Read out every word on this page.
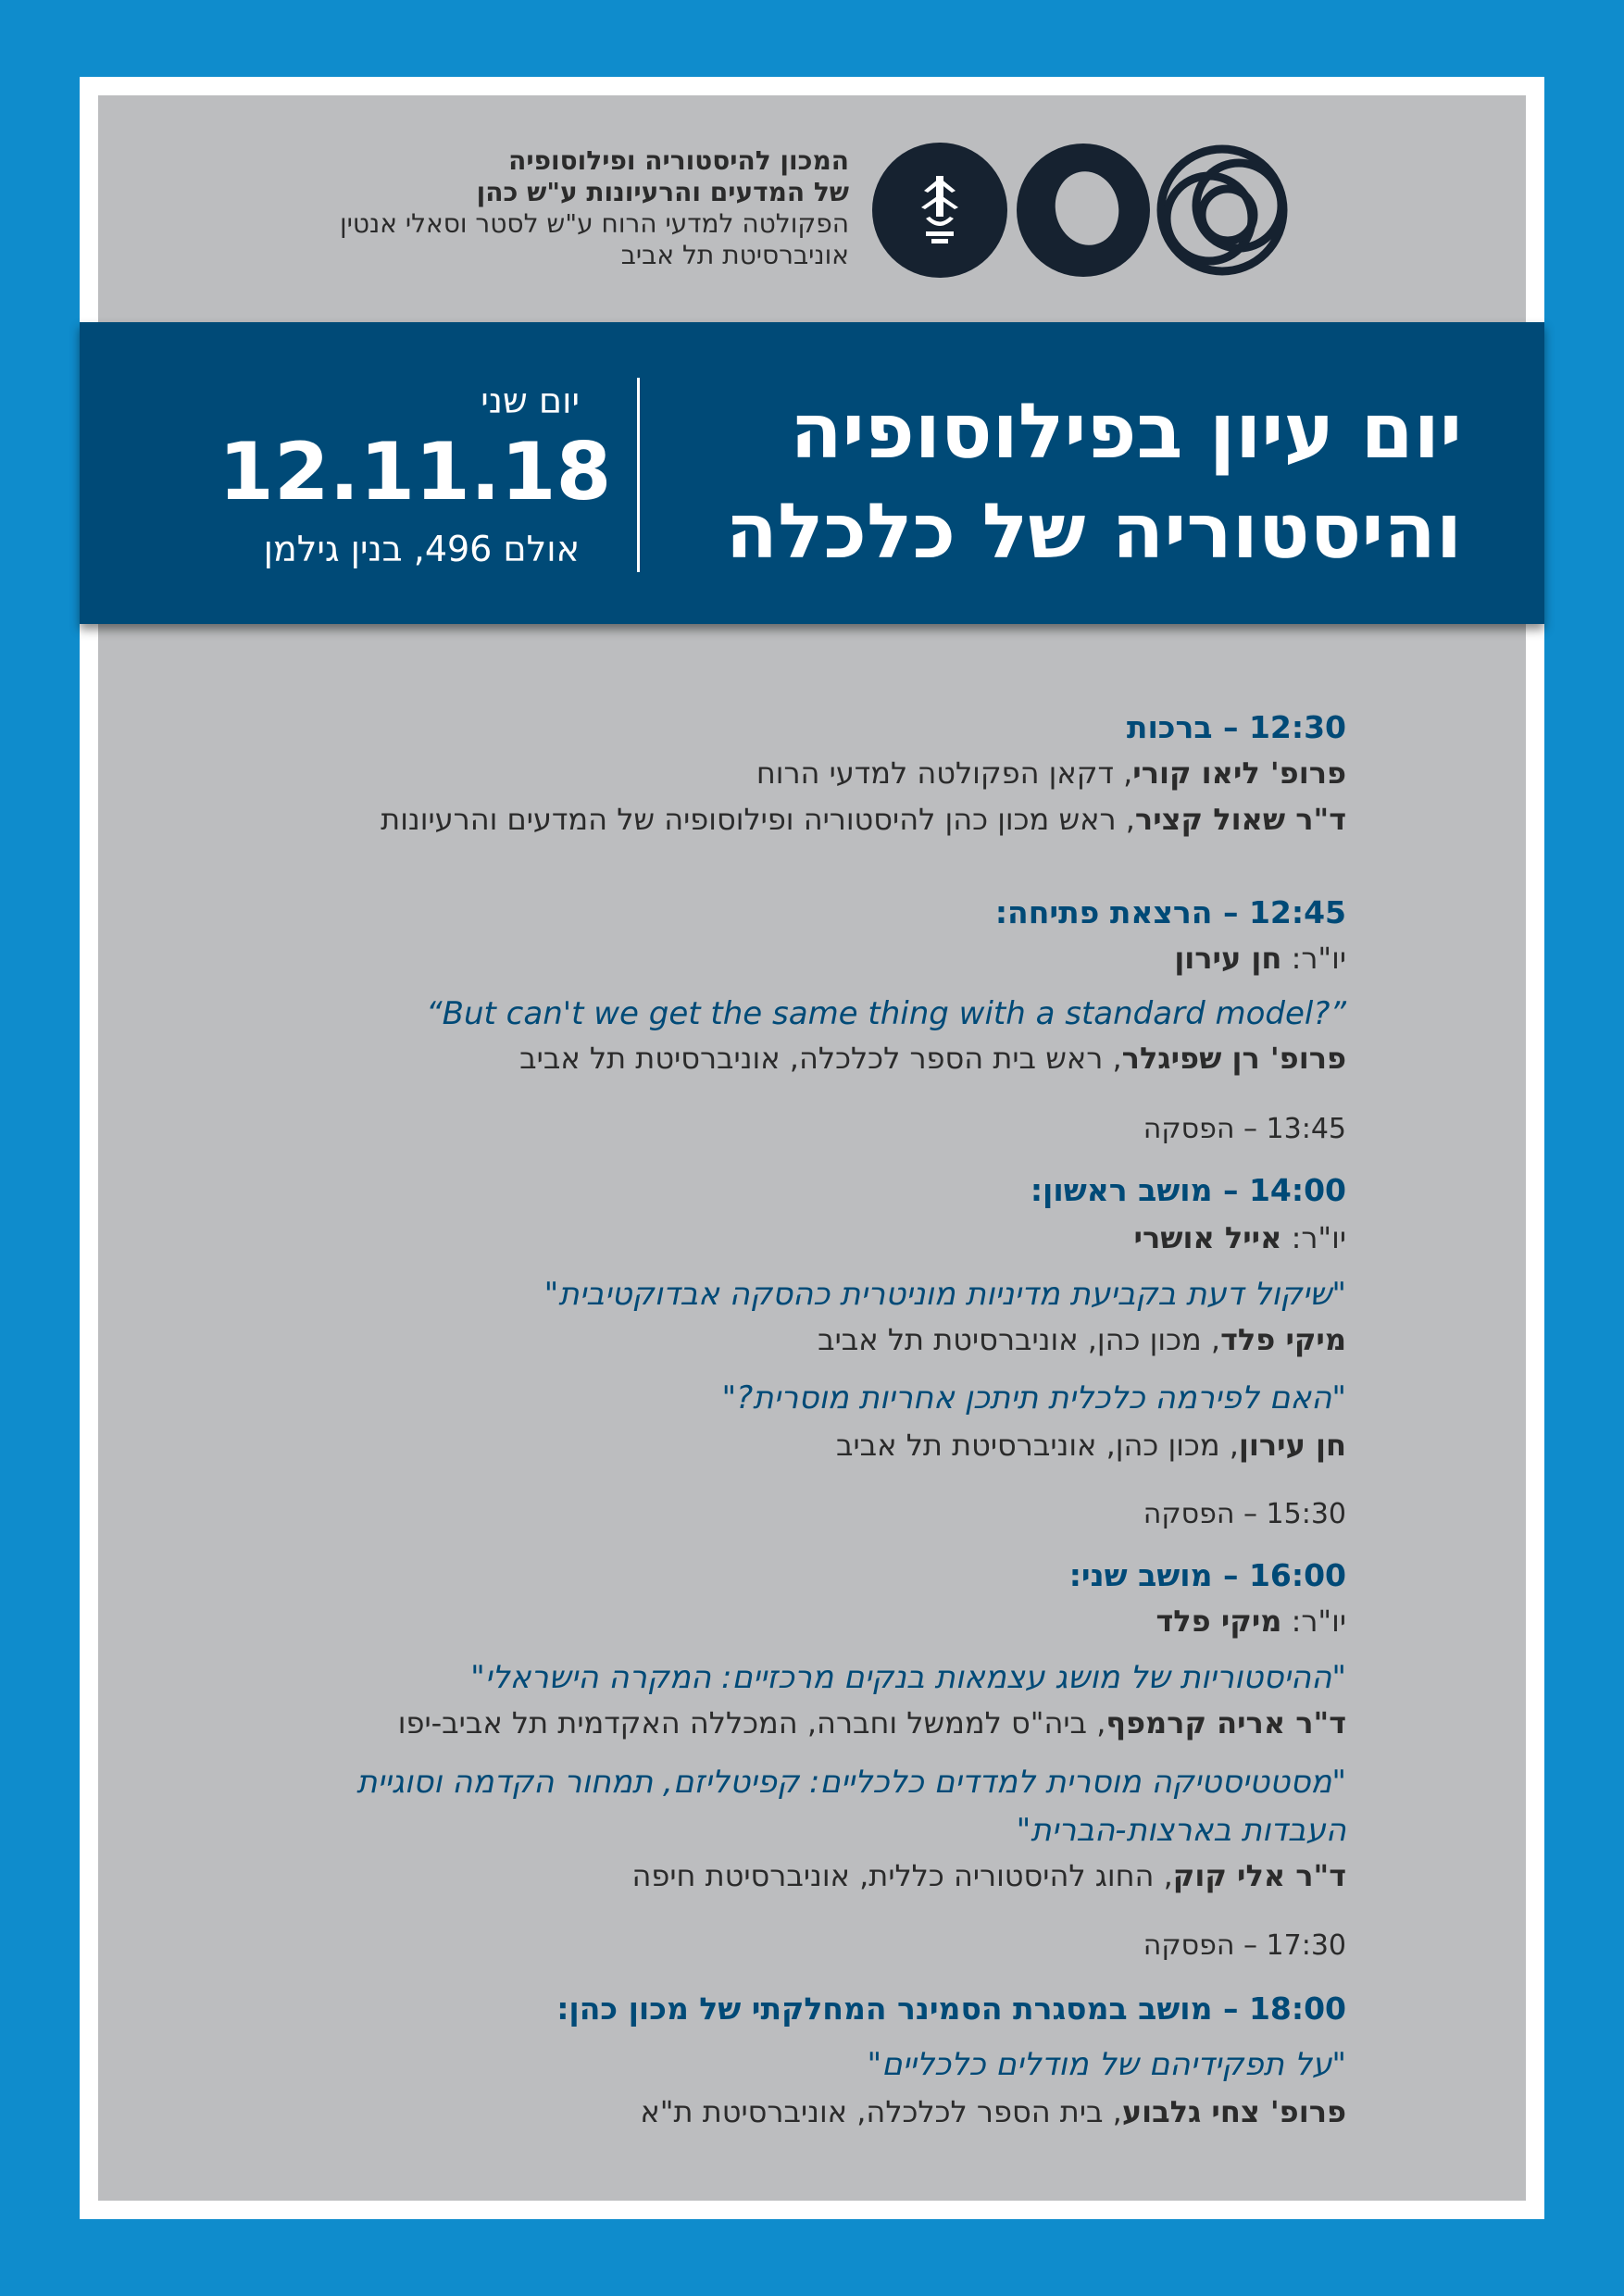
המכון להיסטוריה ופילוסופיה
של המדעים והרעיונות ע"ש כהן
הפקולטה למדעי הרוח ע"ש לסטר וסאלי אנטין
אוניברסיטת תל אביב
יום עיון בפילוסופיה
והיסטוריה של כלכלה
יום שני
12.11.18
אולם 496, בנין גילמן
12:30 – ברכות
פרופ' ליאו קורי, דקאן הפקולטה למדעי הרוח
ד"ר שאול קציר, ראש מכון כהן להיסטוריה ופילוסופיה של המדעים והרעיונות
12:45 – הרצאת פתיחה:
יו"ר: חן עירון
“But can't we get the same thing with a standard model?”
פרופ' רן שפיגלר, ראש בית הספר לכלכלה, אוניברסיטת תל אביב
13:45 – הפסקה
14:00 – מושב ראשון:
יו"ר: אייל אושרי
"שיקול דעת בקביעת מדיניות מוניטרית כהסקה אבדוקטיבית"
מיקי פלד, מכון כהן, אוניברסיטת תל אביב
"האם לפירמה כלכלית תיתכן אחריות מוסרית?"
חן עירון, מכון כהן, אוניברסיטת תל אביב
15:30 – הפסקה
16:00 – מושב שני:
יו"ר: מיקי פלד
"ההיסטוריות של מושג עצמאות בנקים מרכזיים: המקרה הישראלי"
ד"ר אריה קרמפף, ביה"ס לממשל וחברה, המכללה האקדמית תל אביב-יפו
"מסטטיסטיקה מוסרית למדדים כלכליים: קפיטליזם, תמחור הקדמה וסוגיית
העבדות בארצות-הברית"
ד"ר אלי קוק, החוג להיסטוריה כללית, אוניברסיטת חיפה
17:30 – הפסקה
18:00 – מושב במסגרת הסמינר המחלקתי של מכון כהן:
"על תפקידיהם של מודלים כלכליים"
פרופ' צחי גלבוע, בית הספר לכלכלה, אוניברסיטת ת"א
